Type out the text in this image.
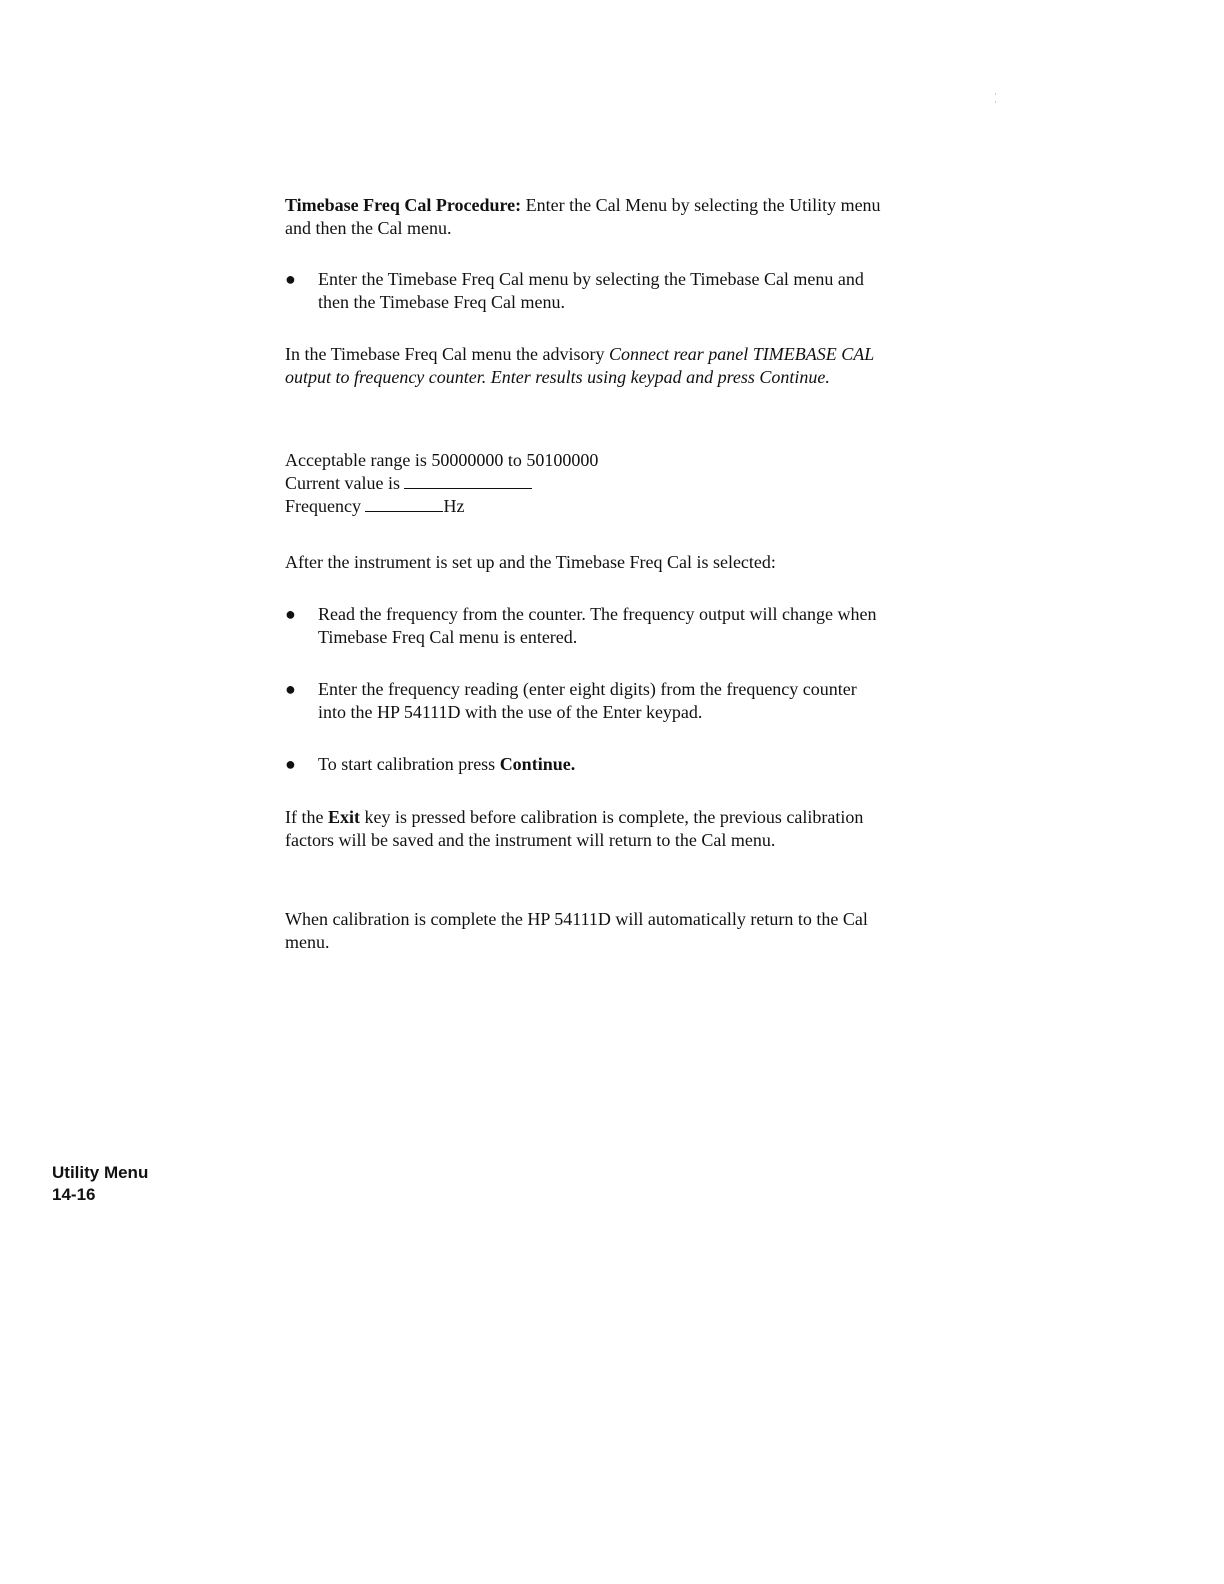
·
·
Timebase Freq Cal Procedure: Enter the Cal Menu by selecting the Utility menu and then the Cal menu.
●	Enter the Timebase Freq Cal menu by selecting the Timebase Cal menu and then the Timebase Freq Cal menu.
In the Timebase Freq Cal menu the advisory Connect rear panel TIMEBASE CAL output to frequency counter. Enter results using keypad and press Continue.
Acceptable range is 50000000 to 50100000
Current value is
Frequency	Hz
After the instrument is set up and the Timebase Freq Cal is selected:
●	Read the frequency from the counter. The frequency output will change when Timebase Freq Cal menu is entered.
●	Enter the frequency reading (enter eight digits) from the frequency counter into the HP 54111D with the use of the Enter keypad.
●	To start calibration press Continue.
If the Exit key is pressed before calibration is complete, the previous calibration factors will be saved and the instrument will return to the Cal menu.
When calibration is complete the HP 54111D will automatically return to the Cal menu.
Utility Menu
14-16
